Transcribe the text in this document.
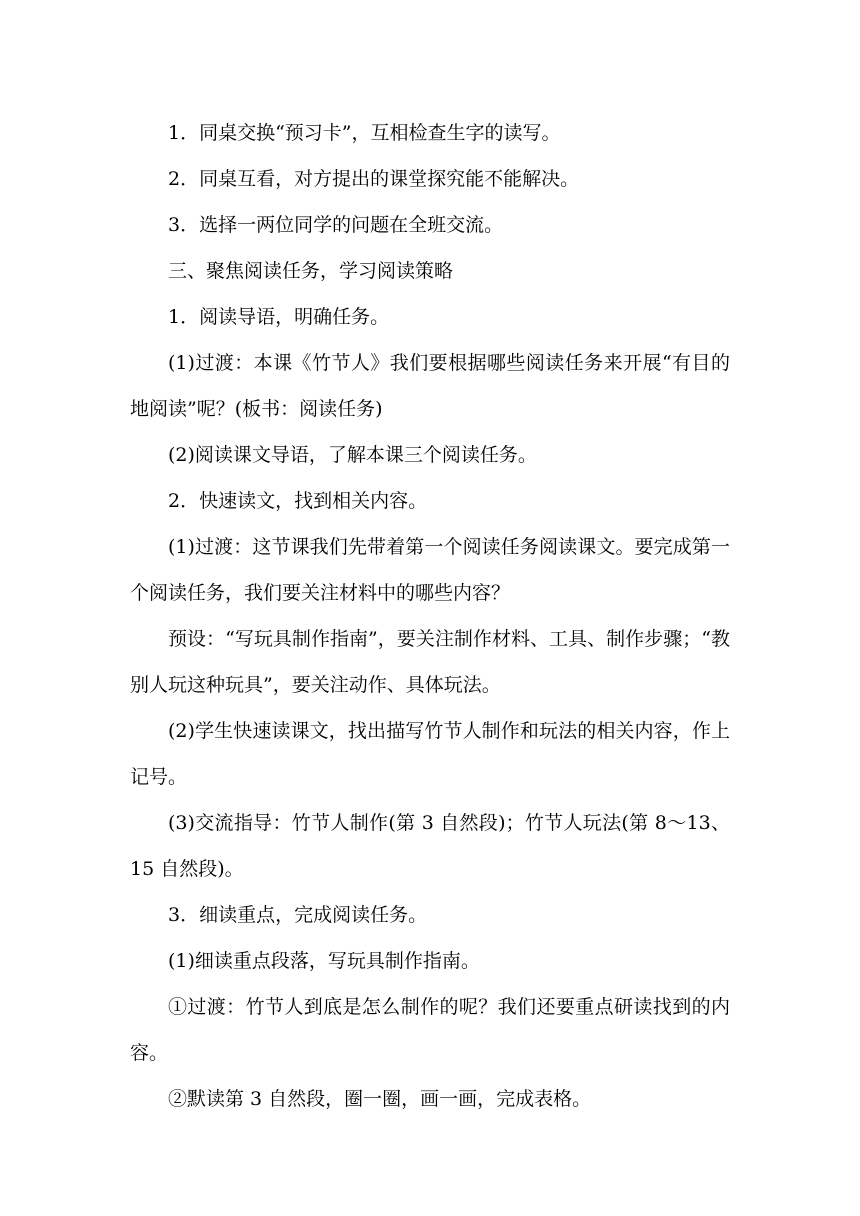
1．同桌交换“预习卡”，互相检查生字的读写。

2．同桌互看，对方提出的课堂探究能不能解决。

3．选择一两位同学的问题在全班交流。

三、聚焦阅读任务，学习阅读策略

1．阅读导语，明确任务。

(1)过渡：本课《竹节人》我们要根据哪些阅读任务来开展“有目的地阅读”呢？(板书：阅读任务)

(2)阅读课文导语，了解本课三个阅读任务。

2．快速读文，找到相关内容。

(1)过渡：这节课我们先带着第一个阅读任务阅读课文。要完成第一个阅读任务，我们要关注材料中的哪些内容？

预设：“写玩具制作指南”，要关注制作材料、工具、制作步骤；“教别人玩这种玩具”，要关注动作、具体玩法。

(2)学生快速读课文，找出描写竹节人制作和玩法的相关内容，作上记号。

(3)交流指导：竹节人制作(第 3 自然段)；竹节人玩法(第 8～13、15 自然段)。

3．细读重点，完成阅读任务。

(1)细读重点段落，写玩具制作指南。

①过渡：竹节人到底是怎么制作的呢？我们还要重点研读找到的内容。

②默读第 3 自然段，圈一圈，画一画，完成表格。
